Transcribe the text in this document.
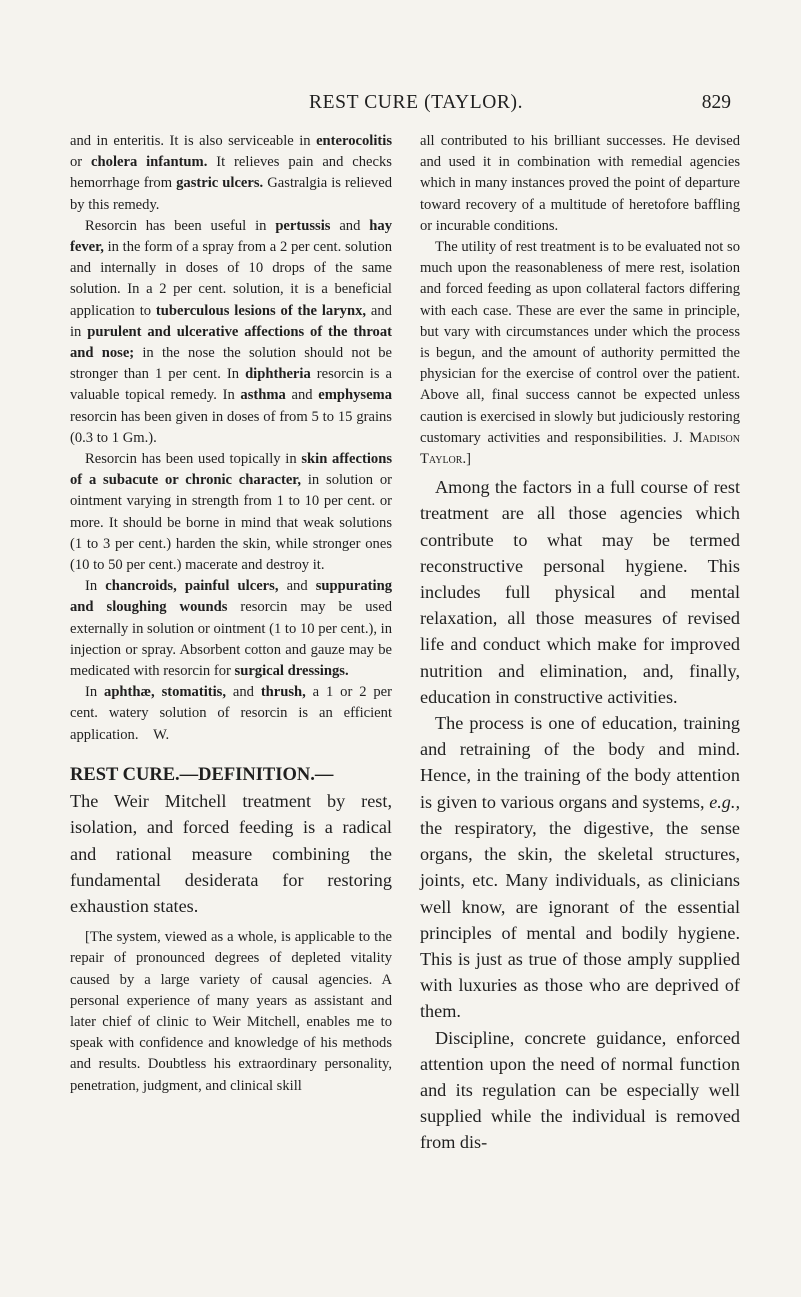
REST CURE (TAYLOR).	829

and in enteritis. It is also serviceable in enterocolitis or cholera infantum. It relieves pain and checks hemorrhage from gastric ulcers. Gastralgia is relieved by this remedy.

Resorcin has been useful in pertussis and hay fever, in the form of a spray from a 2 per cent. solution and internally in doses of 10 drops of the same solution. In a 2 per cent. solution, it is a beneficial application to tuberculous lesions of the larynx, and in purulent and ulcerative affections of the throat and nose; in the nose the solution should not be stronger than 1 per cent. In diphtheria resorcin is a valuable topical remedy. In asthma and emphysema resorcin has been given in doses of from 5 to 15 grains (0.3 to 1 Gm.).

Resorcin has been used topically in skin affections of a subacute or chronic character, in solution or ointment varying in strength from 1 to 10 per cent. or more. It should be borne in mind that weak solutions (1 to 3 per cent.) harden the skin, while stronger ones (10 to 50 per cent.) macerate and destroy it.

In chancroids, painful ulcers, and suppurating and sloughing wounds resorcin may be used externally in solution or ointment (1 to 10 per cent.), in injection or spray. Absorbent cotton and gauze may be medicated with resorcin for surgical dressings.

In aphthæ, stomatitis, and thrush, a 1 or 2 per cent. watery solution of resorcin is an efficient application. W.

REST CURE.—DEFINITION.—
The Weir Mitchell treatment by rest, isolation, and forced feeding is a radical and rational measure combining the fundamental desiderata for restoring exhaustion states.

[The system, viewed as a whole, is applicable to the repair of pronounced degrees of depleted vitality caused by a large variety of causal agencies. A personal experience of many years as assistant and later chief of clinic to Weir Mitchell, enables me to speak with confidence and knowledge of his methods and results. Doubtless his extraordinary personality, penetration, judgment, and clinical skill

all contributed to his brilliant successes. He devised and used it in combination with remedial agencies which in many instances proved the point of departure toward recovery of a multitude of heretofore baffling or incurable conditions.

The utility of rest treatment is to be evaluated not so much upon the reasonableness of mere rest, isolation and forced feeding as upon collateral factors differing with each case. These are ever the same in principle, but vary with circumstances under which the process is begun, and the amount of authority permitted the physician for the exercise of control over the patient. Above all, final success cannot be expected unless caution is exercised in slowly but judiciously restoring customary activities and responsibilities. J. Madison Taylor.]

Among the factors in a full course of rest treatment are all those agencies which contribute to what may be termed reconstructive personal hygiene. This includes full physical and mental relaxation, all those measures of revised life and conduct which make for improved nutrition and elimination, and, finally, education in constructive activities.

The process is one of education, training and retraining of the body and mind. Hence, in the training of the body attention is given to various organs and systems, e.g., the respiratory, the digestive, the sense organs, the skin, the skeletal structures, joints, etc. Many individuals, as clinicians well know, are ignorant of the essential principles of mental and bodily hygiene. This is just as true of those amply supplied with luxuries as those who are deprived of them.

Discipline, concrete guidance, enforced attention upon the need of normal function and its regulation can be especially well supplied while the individual is removed from dis-
